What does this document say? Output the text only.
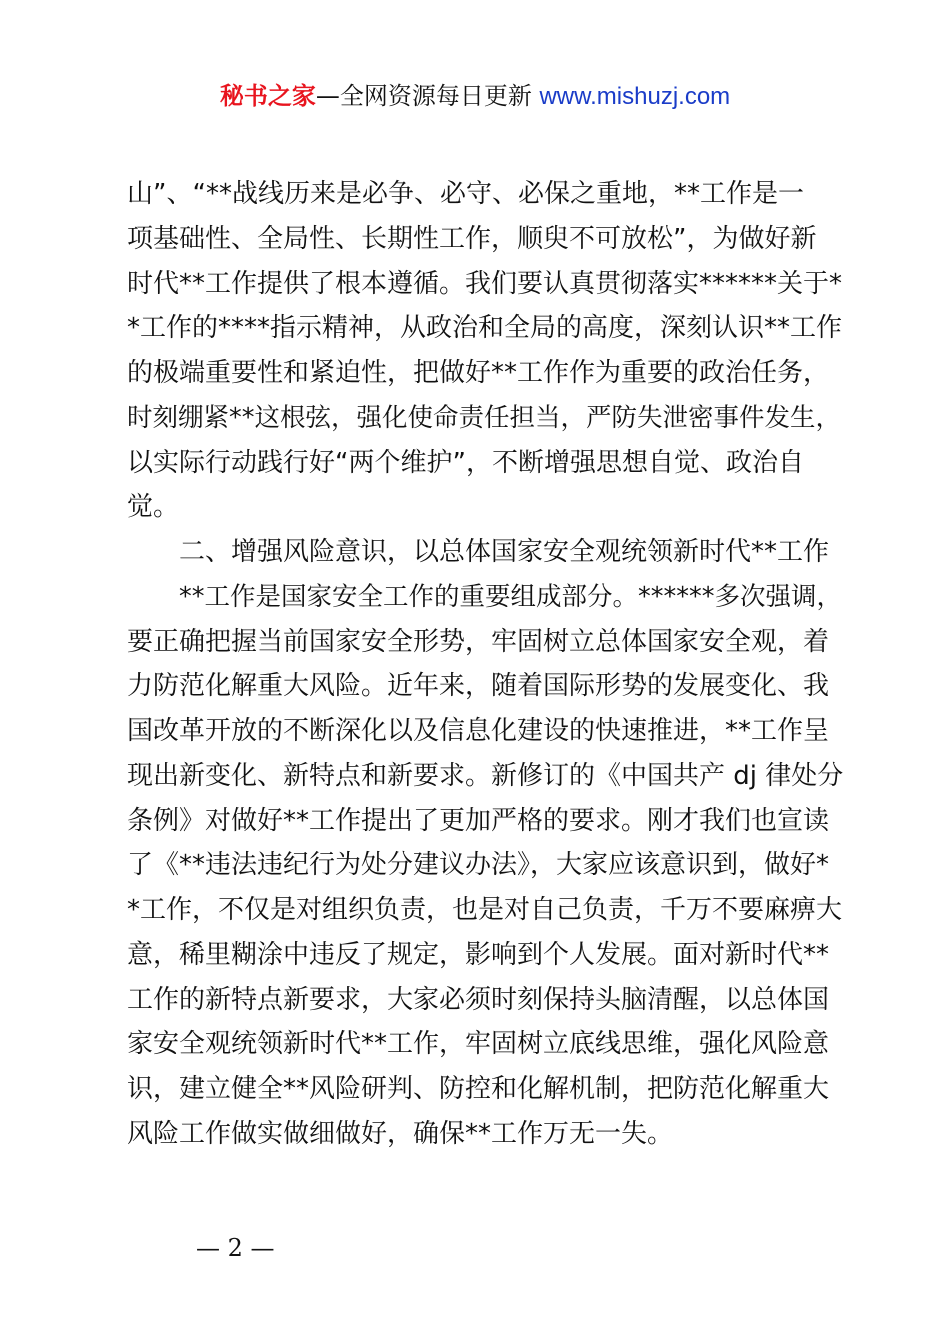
秘书之家—全网资源每日更新 www.mishuzj.com
山”、“**战线历来是必争、必守、必保之重地，**工作是一
项基础性、全局性、长期性工作，顺臾不可放松”，为做好新
时代**工作提供了根本遵循。我们要认真贯彻落实******关于*
*工作的****指示精神，从政治和全局的高度，深刻认识**工作
的极端重要性和紧迫性，把做好**工作作为重要的政治任务，
时刻绷紧**这根弦，强化使命责任担当，严防失泄密事件发生，
以实际行动践行好“两个维护”，不断增强思想自觉、政治自
觉。
二、增强风险意识，以总体国家安全观统领新时代**工作
**工作是国家安全工作的重要组成部分。******多次强调，
要正确把握当前国家安全形势，牢固树立总体国家安全观，着
力防范化解重大风险。近年来，随着国际形势的发展变化、我
国改革开放的不断深化以及信息化建设的快速推进，**工作呈
现出新变化、新特点和新要求。新修订的《中国共产 dj 律处分
条例》对做好**工作提出了更加严格的要求。刚才我们也宣读
了《**违法违纪行为处分建议办法》，大家应该意识到，做好*
*工作，不仅是对组织负责，也是对自己负责，千万不要麻痹大
意，稀里糊涂中违反了规定，影响到个人发展。面对新时代**
工作的新特点新要求，大家必须时刻保持头脑清醒，以总体国
家安全观统领新时代**工作，牢固树立底线思维，强化风险意
识，建立健全**风险研判、防控和化解机制，把防范化解重大
风险工作做实做细做好，确保**工作万无一失。
— 2 —
